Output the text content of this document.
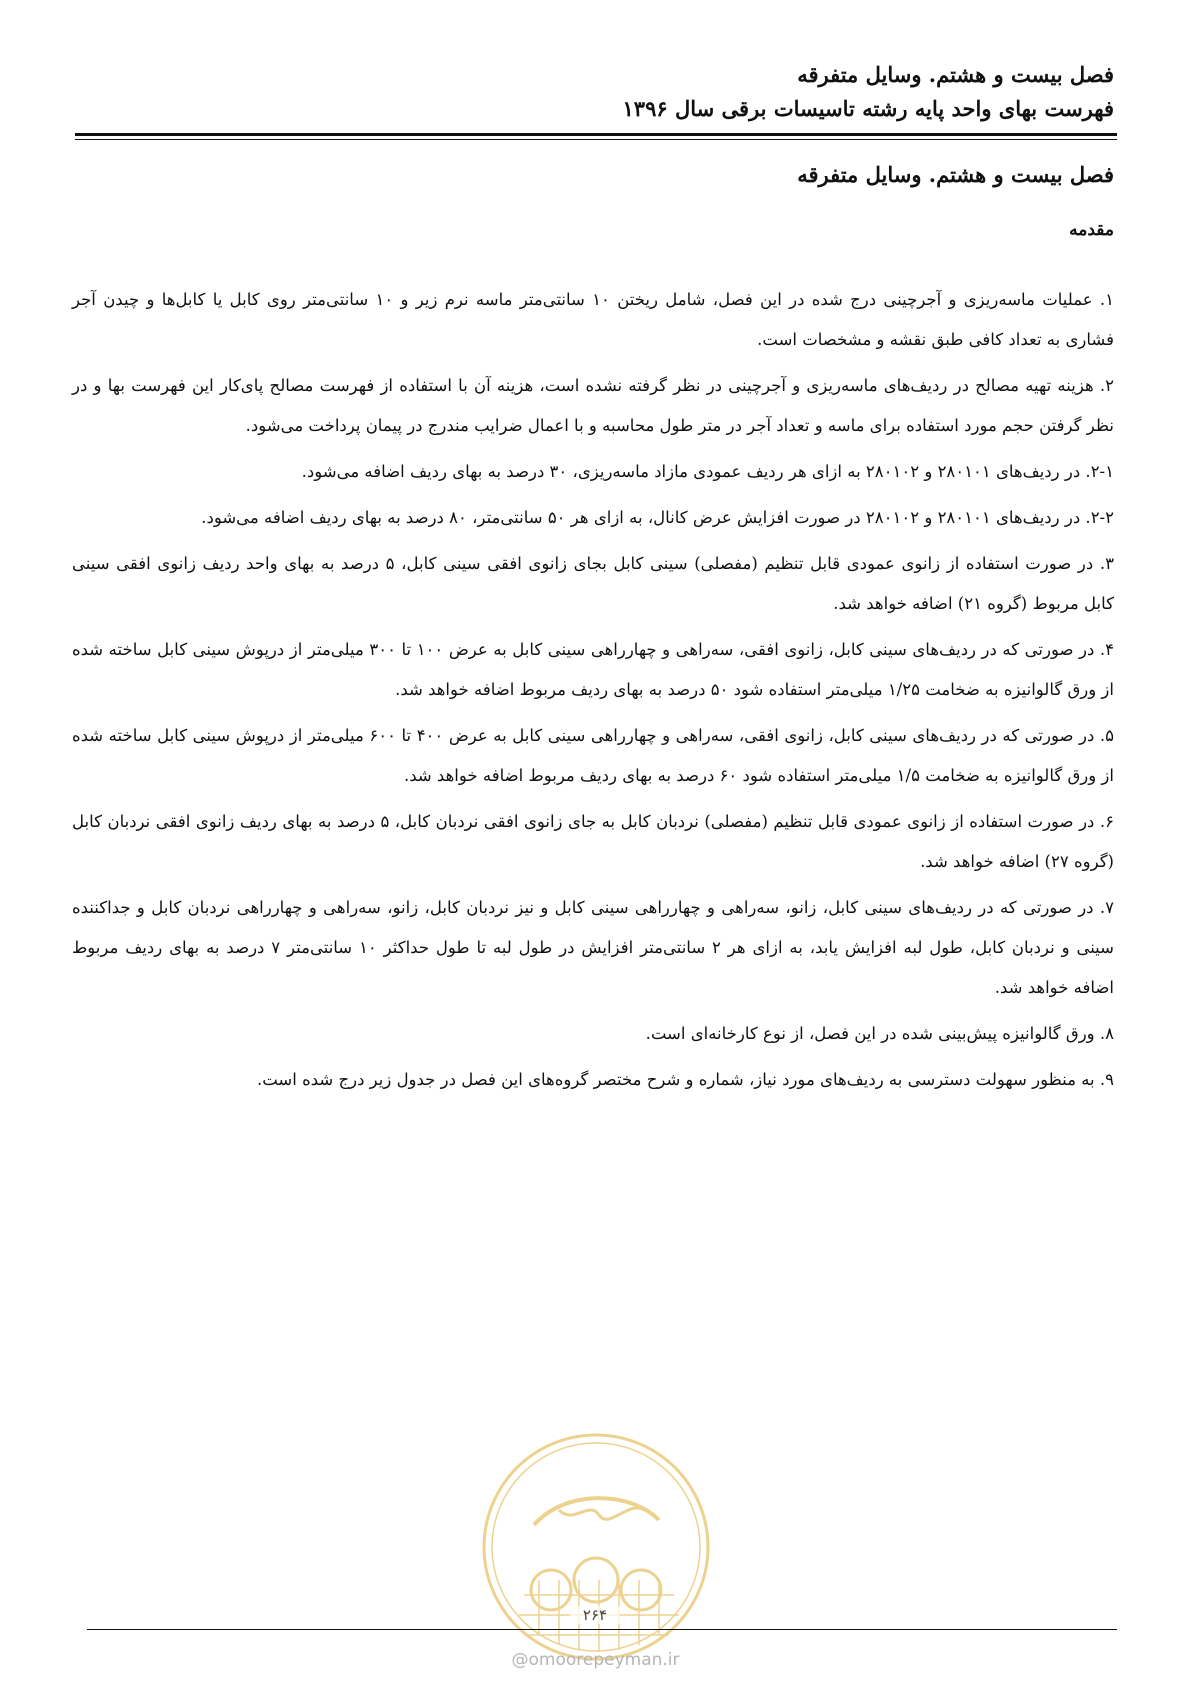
فصل بیست و هشتم. وسایل متفرقه
فهرست بهای واحد پایه رشته تاسیسات برقی سال ۱۳۹۶
فصل بیست و هشتم. وسایل متفرقه
مقدمه

۱. عملیات ماسه‌ریزی و آجرچینی درج شده در این فصل، شامل ریختن ۱۰ سانتی‌متر ماسه نرم زیر و ۱۰ سانتی‌متر روی کابل یا کابل‌ها و چیدن آجر فشاری به تعداد کافی طبق نقشه و مشخصات است.

۲. هزینه تهیه مصالح در ردیف‌های ماسه‌ریزی و آجرچینی در نظر گرفته نشده است، هزینه آن با استفاده از فهرست مصالح پای‌کار این فهرست بها و در نظر گرفتن حجم مورد استفاده برای ماسه و تعداد آجر در متر طول محاسبه و با اعمال ضرایب مندرج در پیمان پرداخت می‌شود.

۲-۱. در ردیف‌های ۲۸۰۱۰۱ و ۲۸۰۱۰۲ به ازای هر ردیف عمودی مازاد ماسه‌ریزی، ۳۰ درصد به بهای ردیف اضافه می‌شود.

۲-۲. در ردیف‌های ۲۸۰۱۰۱ و ۲۸۰۱۰۲ در صورت افزایش عرض کانال، به ازای هر ۵۰ سانتی‌متر، ۸۰ درصد به بهای ردیف اضافه می‌شود.

۳. در صورت استفاده از زانوی عمودی قابل تنظیم (مفصلی) سینی کابل بجای زانوی افقی سینی کابل، ۵ درصد به بهای واحد ردیف زانوی افقی سینی کابل مربوط (گروه ۲۱) اضافه خواهد شد.

۴. در صورتی که در ردیف‌های سینی کابل، زانوی افقی، سه‌راهی و چهارراهی سینی کابل به عرض ۱۰۰ تا ۳۰۰ میلی‌متر از درپوش سینی کابل ساخته شده از ورق گالوانیزه به ضخامت ۱/۲۵ میلی‌متر استفاده شود ۵۰ درصد به بهای ردیف مربوط اضافه خواهد شد.

۵. در صورتی که در ردیف‌های سینی کابل، زانوی افقی، سه‌راهی و چهارراهی سینی کابل به عرض ۴۰۰ تا ۶۰۰ میلی‌متر از درپوش سینی کابل ساخته شده از ورق گالوانیزه به ضخامت ۱/۵ میلی‌متر استفاده شود ۶۰ درصد به بهای ردیف مربوط اضافه خواهد شد.

۶. در صورت استفاده از زانوی عمودی قابل تنظیم (مفصلی) نردبان کابل به جای زانوی افقی نردبان کابل، ۵ درصد به بهای ردیف زانوی افقی نردبان کابل (گروه ۲۷) اضافه خواهد شد.

۷. در صورتی که در ردیف‌های سینی کابل، زانو، سه‌راهی و چهارراهی سینی کابل و نیز نردبان کابل، زانو، سه‌راهی و چهارراهی نردبان کابل و جداکننده سینی و نردبان کابل، طول لبه افزایش یابد، به ازای هر ۲ سانتی‌متر افزایش در طول لبه تا طول حداکثر ۱۰ سانتی‌متر ۷ درصد به بهای ردیف مربوط اضافه خواهد شد.

۸. ورق گالوانیزه پیش‌بینی شده در این فصل، از نوع کارخانه‌ای است.

۹. به منظور سهولت دسترسی به ردیف‌های مورد نیاز، شماره و شرح مختصر گروه‌های این فصل در جدول زیر درج شده است.

۲۶۴
@omoorepeyman.ir
